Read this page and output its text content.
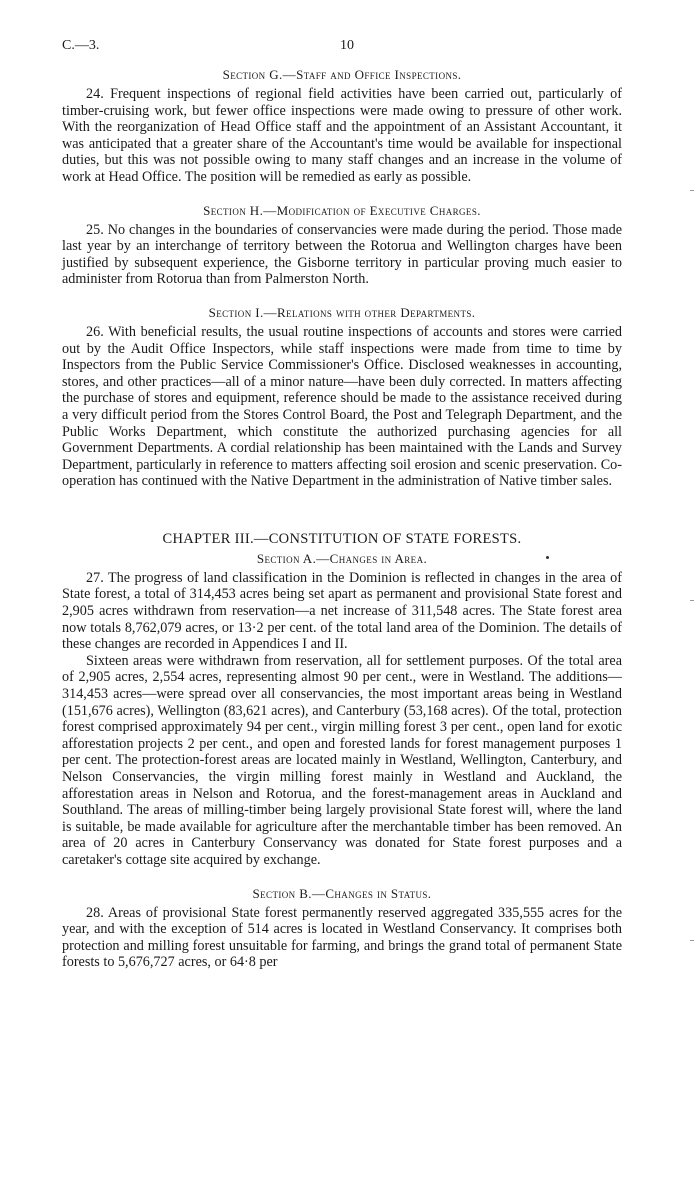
C.—3.	10
Section G.—Staff and Office Inspections.

24. Frequent inspections of regional field activities have been carried out, particularly of timber-cruising work, but fewer office inspections were made owing to pressure of other work. With the reorganization of Head Office staff and the appointment of an Assistant Accountant, it was anticipated that a greater share of the Accountant's time would be available for inspectional duties, but this was not possible owing to many staff changes and an increase in the volume of work at Head Office. The position will be remedied as early as possible.

Section H.—Modification of Executive Charges.

25. No changes in the boundaries of conservancies were made during the period. Those made last year by an interchange of territory between the Rotorua and Wellington charges have been justified by subsequent experience, the Gisborne territory in particular proving much easier to administer from Rotorua than from Palmerston North.

Section I.—Relations with other Departments.

26. With beneficial results, the usual routine inspections of accounts and stores were carried out by the Audit Office Inspectors, while staff inspections were made from time to time by Inspectors from the Public Service Commissioner's Office. Disclosed weaknesses in accounting, stores, and other practices—all of a minor nature—have been duly corrected. In matters affecting the purchase of stores and equipment, reference should be made to the assistance received during a very difficult period from the Stores Control Board, the Post and Telegraph Department, and the Public Works Department, which constitute the authorized purchasing agencies for all Government Departments. A cordial relationship has been maintained with the Lands and Survey Department, particularly in reference to matters affecting soil erosion and scenic preservation. Co-operation has continued with the Native Department in the administration of Native timber sales.

CHAPTER III.—CONSTITUTION OF STATE FORESTS.
Section A.—Changes in Area.

27. The progress of land classification in the Dominion is reflected in changes in the area of State forest, a total of 314,453 acres being set apart as permanent and provisional State forest and 2,905 acres withdrawn from reservation—a net increase of 311,548 acres. The State forest area now totals 8,762,079 acres, or 13·2 per cent. of the total land area of the Dominion. The details of these changes are recorded in Appendices I and II.

Sixteen areas were withdrawn from reservation, all for settlement purposes. Of the total area of 2,905 acres, 2,554 acres, representing almost 90 per cent., were in Westland. The additions—314,453 acres—were spread over all conservancies, the most important areas being in Westland (151,676 acres), Wellington (83,621 acres), and Canterbury (53,168 acres). Of the total, protection forest comprised approximately 94 per cent., virgin milling forest 3 per cent., open land for exotic afforestation projects 2 per cent., and open and forested lands for forest management purposes 1 per cent. The protection-forest areas are located mainly in Westland, Wellington, Canterbury, and Nelson Conservancies, the virgin milling forest mainly in Westland and Auckland, the afforestation areas in Nelson and Rotorua, and the forest-management areas in Auckland and Southland. The areas of milling-timber being largely provisional State forest will, where the land is suitable, be made available for agriculture after the merchantable timber has been removed. An area of 20 acres in Canterbury Conservancy was donated for State forest purposes and a caretaker's cottage site acquired by exchange.

Section B.—Changes in Status.

28. Areas of provisional State forest permanently reserved aggregated 335,555 acres for the year, and with the exception of 514 acres is located in Westland Conservancy. It comprises both protection and milling forest unsuitable for farming, and brings the grand total of permanent State forests to 5,676,727 acres, or 64·8 per
